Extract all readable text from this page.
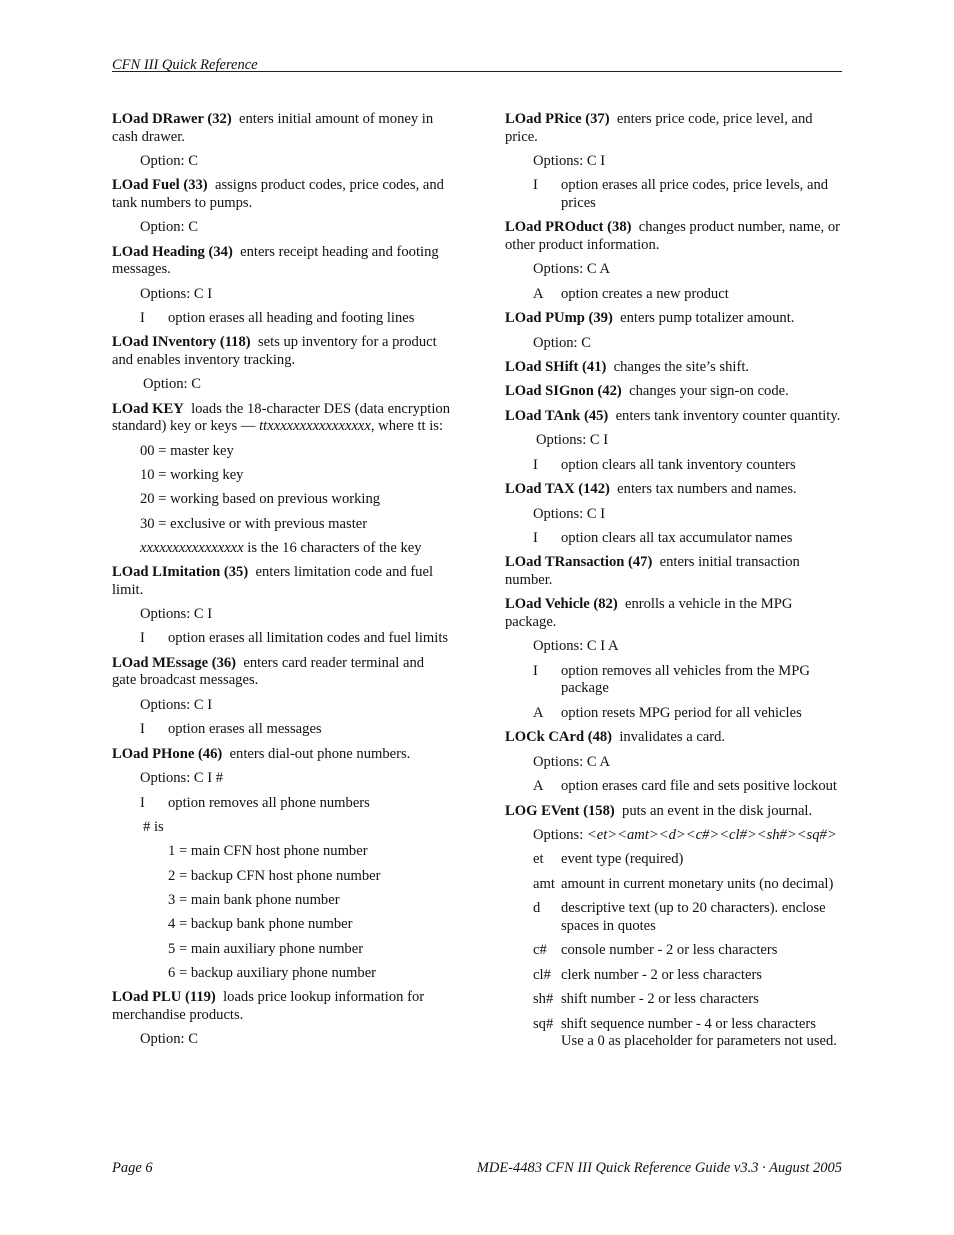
CFN III Quick Reference
LOad DRawer (32) enters initial amount of money in cash drawer.
Option: C
LOad Fuel (33) assigns product codes, price codes, and tank numbers to pumps.
Option: C
LOad Heading (34) enters receipt heading and footing messages.
Options: C I
I	option erases all heading and footing lines
LOad INventory (118) sets up inventory for a product and enables inventory tracking.
Option: C
LOad KEY loads the 18-character DES (data encryption standard) key or keys — ttxxxxxxxxxxxxxxxx, where tt is:
00 = master key
10 = working key
20 = working based on previous working
30 = exclusive or with previous master
xxxxxxxxxxxxxxxx is the 16 characters of the key
LOad LImitation (35) enters limitation code and fuel limit.
Options: C I
I	option erases all limitation codes and fuel limits
LOad MEssage (36) enters card reader terminal and gate broadcast messages.
Options: C I
I	option erases all messages
LOad PHone (46) enters dial-out phone numbers.
Options: C I #
I	option removes all phone numbers
# is
1 = main CFN host phone number
2 = backup CFN host phone number
3 = main bank phone number
4 = backup bank phone number
5 = main auxiliary phone number
6 = backup auxiliary phone number
LOad PLU (119) loads price lookup information for merchandise products.
Option: C
LOad PRice (37) enters price code, price level, and price.
Options: C I
I	option erases all price codes, price levels, and prices
LOad PROduct (38) changes product number, name, or other product information.
Options: C A
A	option creates a new product
LOad PUmp (39) enters pump totalizer amount.
Option: C
LOad SHift (41) changes the site’s shift.
LOad SIGnon (42) changes your sign-on code.
LOad TAnk (45) enters tank inventory counter quantity.
Options: C I
I	option clears all tank inventory counters
LOad TAX (142) enters tax numbers and names.
Options: C I
I	option clears all tax accumulator names
LOad TRansaction (47) enters initial transaction number.
LOad Vehicle (82) enrolls a vehicle in the MPG package.
Options: C I A
I	option removes all vehicles from the MPG package
A	option resets MPG period for all vehicles
LOCk CArd (48) invalidates a card.
Options: C A
A	option erases card file and sets positive lockout
LOG EVent (158) puts an event in the disk journal.
Options: <et><amt><d><c#><cl#><sh#><sq#>
et	event type (required)
amt amount in current monetary units (no decimal)
d	descriptive text (up to 20 characters). enclose spaces in quotes
c# console number - 2 or less characters
cl# clerk number - 2 or less characters
sh# shift number - 2 or less characters
sq# shift sequence number - 4 or less characters Use a 0 as placeholder for parameters not used.
Page 6	MDE-4483 CFN III Quick Reference Guide v3.3 · August 2005
